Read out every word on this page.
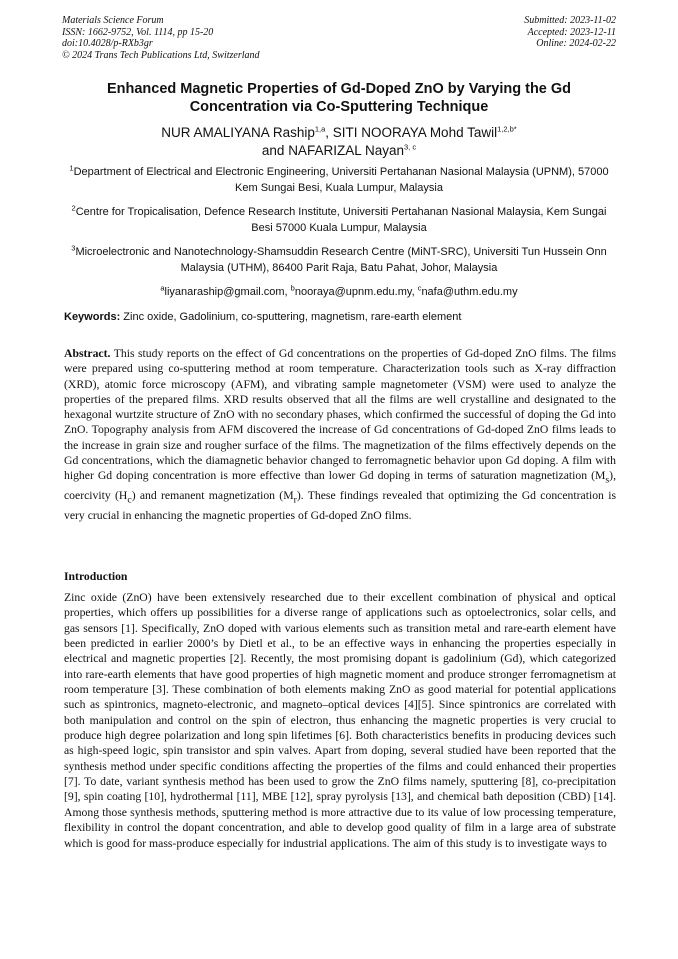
Materials Science Forum
ISSN: 1662-9752, Vol. 1114, pp 15-20
doi:10.4028/p-RXb3gr
© 2024 Trans Tech Publications Ltd, Switzerland
Submitted: 2023-11-02
Accepted: 2023-12-11
Online: 2024-02-22
Enhanced Magnetic Properties of Gd-Doped ZnO by Varying the Gd Concentration via Co-Sputtering Technique
NUR AMALIYANA Raship$^{1,a}$, SITI NOORAYA Mohd Tawil$^{1,2,b*}$
and NAFARIZAL Nayan$^{3, c}$

$^1$Department of Electrical and Electronic Engineering, Universiti Pertahanan Nasional Malaysia (UPNM), 57000 Kem Sungai Besi, Kuala Lumpur, Malaysia

$^2$Centre for Tropicalisation, Defence Research Institute, Universiti Pertahanan Nasional Malaysia, Kem Sungai Besi 57000 Kuala Lumpur, Malaysia

$^3$Microelectronic and Nanotechnology-Shamsuddin Research Centre (MiNT-SRC), Universiti Tun Hussein Onn Malaysia (UTHM), 86400 Parit Raja, Batu Pahat, Johor, Malaysia

$^a$liyanaraship@gmail.com, $^b$nooraya@upnm.edu.my, $^c$nafa@uthm.edu.my

Keywords: Zinc oxide, Gadolinium, co-sputtering, magnetism, rare-earth element

Abstract. This study reports on the effect of Gd concentrations on the properties of Gd-doped ZnO films. The films were prepared using co-sputtering method at room temperature. Characterization tools such as X-ray diffraction (XRD), atomic force microscopy (AFM), and vibrating sample magnetometer (VSM) were used to analyze the properties of the prepared films. XRD results observed that all the films are well crystalline and designated to the hexagonal wurtzite structure of ZnO with no secondary phases, which confirmed the successful of doping the Gd into ZnO. Topography analysis from AFM discovered the increase of Gd concentrations of Gd-doped ZnO films leads to the increase in grain size and rougher surface of the films. The magnetization of the films effectively depends on the Gd concentrations, which the diamagnetic behavior changed to ferromagnetic behavior upon Gd doping. A film with higher Gd doping concentration is more effective than lower Gd doping in terms of saturation magnetization $(M_s)$, coercivity $(H_c)$ and remanent magnetization $(M_r)$. These findings revealed that optimizing the Gd concentration is very crucial in enhancing the magnetic properties of Gd-doped ZnO films.

Introduction

Zinc oxide (ZnO) have been extensively researched due to their excellent combination of physical and optical properties, which offers up possibilities for a diverse range of applications such as optoelectronics, solar cells, and gas sensors [1]. Specifically, ZnO doped with various elements such as transition metal and rare-earth element have been predicted in earlier 2000’s by Dietl et al., to be an effective ways in enhancing the properties especially in electrical and magnetic properties [2]. Recently, the most promising dopant is gadolinium (Gd), which categorized into rare-earth elements that have good properties of high magnetic moment and produce stronger ferromagnetism at room temperature [3]. These combination of both elements making ZnO as good material for potential applications such as spintronics, magneto-electronic, and magneto–optical devices [4][5]. Since spintronics are correlated with both manipulation and control on the spin of electron, thus enhancing the magnetic properties is very crucial to produce high degree polarization and long spin lifetimes [6]. Both characteristics benefits in producing devices such as high-speed logic, spin transistor and spin valves. Apart from doping, several studied have been reported that the synthesis method under specific conditions affecting the properties of the films and could enhanced their properties [7]. To date, variant synthesis method has been used to grow the ZnO films namely, sputtering [8], co-precipitation [9], spin coating [10], hydrothermal [11], MBE [12], spray pyrolysis [13], and chemical bath deposition (CBD) [14]. Among those synthesis methods, sputtering method is more attractive due to its value of low processing temperature, flexibility in control the dopant concentration, and able to develop good quality of film in a large area of substrate which is good for mass-produce especially for industrial applications. The aim of this study is to investigate ways to
